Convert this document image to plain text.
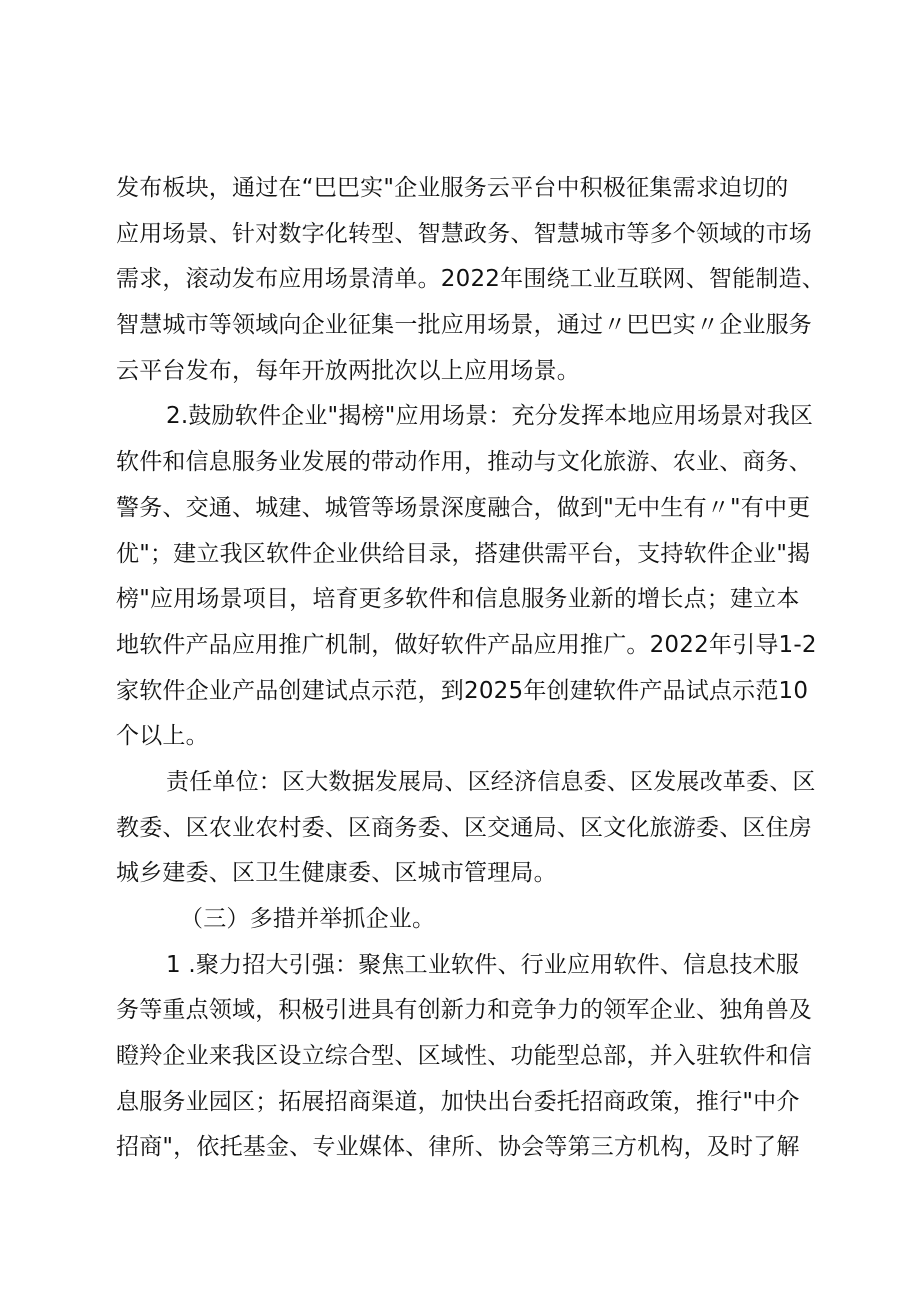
发布板块，通过在“巴巴实"企业服务云平台中积极征集需求迫切的
应用场景、针对数字化转型、智慧政务、智慧城市等多个领域的市场
需求，滚动发布应用场景清单。2022年围绕工业互联网、智能制造、
智慧城市等领域向企业征集一批应用场景，通过〃巴巴实〃企业服务
云平台发布，每年开放两批次以上应用场景。
2.鼓励软件企业"揭榜"应用场景：充分发挥本地应用场景对我区
软件和信息服务业发展的带动作用，推动与文化旅游、农业、商务、
警务、交通、城建、城管等场景深度融合，做到"无中生有〃"有中更
优"；建立我区软件企业供给目录，搭建供需平台，支持软件企业"揭
榜"应用场景项目，培育更多软件和信息服务业新的增长点；建立本
地软件产品应用推广机制，做好软件产品应用推广。2022年引导1-2
家软件企业产品创建试点示范，到2025年创建软件产品试点示范10
个以上。
责任单位：区大数据发展局、区经济信息委、区发展改革委、区
教委、区农业农村委、区商务委、区交通局、区文化旅游委、区住房
城乡建委、区卫生健康委、区城市管理局。
（三）多措并举抓企业。
1 .聚力招大引强：聚焦工业软件、行业应用软件、信息技术服
务等重点领域，积极引进具有创新力和竞争力的领军企业、独角兽及
瞪羚企业来我区设立综合型、区域性、功能型总部，并入驻软件和信
息服务业园区；拓展招商渠道，加快出台委托招商政策，推行"中介
招商"，依托基金、专业媒体、律所、协会等第三方机构，及时了解
